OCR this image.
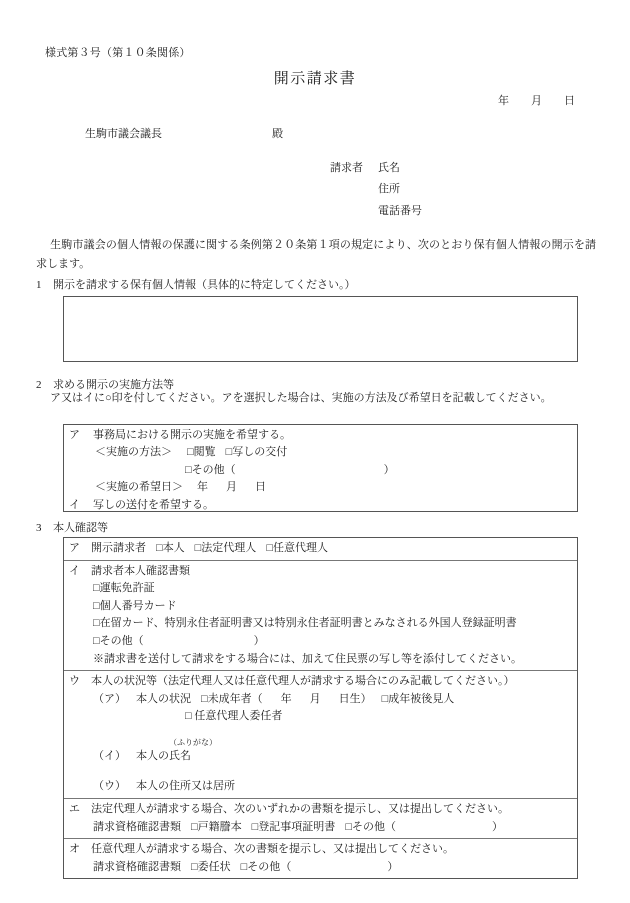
様式第３号（第１０条関係）
開示請求書
年 月 日
生駒市議会議長	殿
請求者 氏名
住所
電話番号
生駒市議会の個人情報の保護に関する条例第２０条第１項の規定により、次のとおり保有個人情報の開示を請求します。
1 開示を請求する保有個人情報（具体的に特定してください。）
2 求める開示の実施方法等
ア又はイに○印を付してください。アを選択した場合は、実施の方法及び希望日を記載してください。
ア 事務局における開示の実施を希望する。
＜実施の方法＞ □閲覧 □写しの交付
□その他（	）
＜実施の希望日＞ 年 月 日
イ 写しの送付を希望する。
3 本人確認等
ア 開示請求者 □本人 □法定代理人 □任意代理人
イ 請求者本人確認書類
□運転免許証
□個人番号カード
□在留カード、特別永住者証明書又は特別永住者証明書とみなされる外国人登録証明書
□その他（	）
※請求書を送付して請求をする場合には、加えて住民票の写し等を添付してください。
ウ 本人の状況等（法定代理人又は任意代理人が請求する場合にのみ記載してください。）
（ア） 本人の状況 □未成年者（ 年 月 日生） □成年被後見人
□ 任意代理人委任者
（ふりがな）
（イ） 本人の氏名
（ウ） 本人の住所又は居所
エ 法定代理人が請求する場合、次のいずれかの書類を提示し、又は提出してください。
請求資格確認書類 □戸籍謄本 □登記事項証明書 □その他（	）
オ 任意代理人が請求する場合、次の書類を提示し、又は提出してください。
請求資格確認書類 □委任状 □その他（	）
